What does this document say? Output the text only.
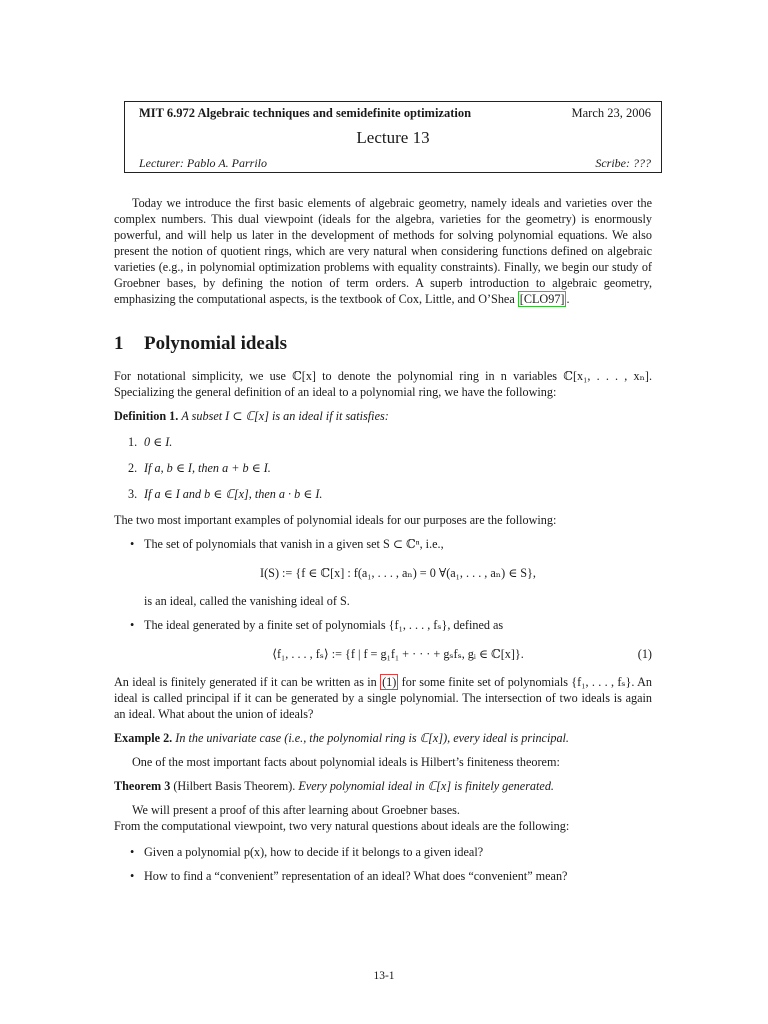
MIT 6.972 Algebraic techniques and semidefinite optimization	March 23, 2006
Lecture 13
Lecturer: Pablo A. Parrilo	Scribe: ???

Today we introduce the first basic elements of algebraic geometry, namely ideals and varieties over the complex numbers. This dual viewpoint (ideals for the algebra, varieties for the geometry) is enormously powerful, and will help us later in the development of methods for solving polynomial equations. We also present the notion of quotient rings, which are very natural when considering functions defined on algebraic varieties (e.g., in polynomial optimization problems with equality constraints). Finally, we begin our study of Groebner bases, by defining the notion of term orders. A superb introduction to algebraic geometry, emphasizing the computational aspects, is the textbook of Cox, Little, and O’Shea [CLO97] .

1 Polynomial ideals

For notational simplicity, we use ℂ[x] to denote the polynomial ring in n variables ℂ[x₁, . . . , xₙ]. Specializing the general definition of an ideal to a polynomial ring, we have the following:

Definition 1. A subset I ⊂ ℂ[x] is an ideal if it satisfies:

1. 0 ∈ I.
2. If a, b ∈ I, then a + b ∈ I.
3. If a ∈ I and b ∈ ℂ[x], then a · b ∈ I.

The two most important examples of polynomial ideals for our purposes are the following:

• The set of polynomials that vanish in a given set S ⊂ ℂⁿ, i.e.,
I(S) := {f ∈ ℂ[x] : f(a₁, . . . , aₙ) = 0 ∀(a₁, . . . , aₙ) ∈ S},
is an ideal, called the vanishing ideal of S.
• The ideal generated by a finite set of polynomials {f₁, . . . , fₛ}, defined as
⟨f₁, . . . , fₛ⟩ := {f | f = g₁f₁ + · · · + gₛfₛ, gᵢ ∈ ℂ[x]}.	(1)

An ideal is finitely generated if it can be written as in (1) for some finite set of polynomials {f₁, . . . , fₛ}. An ideal is called principal if it can be generated by a single polynomial. The intersection of two ideals is again an ideal. What about the union of ideals?

Example 2. In the univariate case (i.e., the polynomial ring is ℂ[x]), every ideal is principal.

One of the most important facts about polynomial ideals is Hilbert’s finiteness theorem:

Theorem 3 (Hilbert Basis Theorem). Every polynomial ideal in ℂ[x] is finitely generated.

We will present a proof of this after learning about Groebner bases.

From the computational viewpoint, two very natural questions about ideals are the following:

• Given a polynomial p(x), how to decide if it belongs to a given ideal?
• How to find a “convenient” representation of an ideal? What does “convenient” mean?
13-1
